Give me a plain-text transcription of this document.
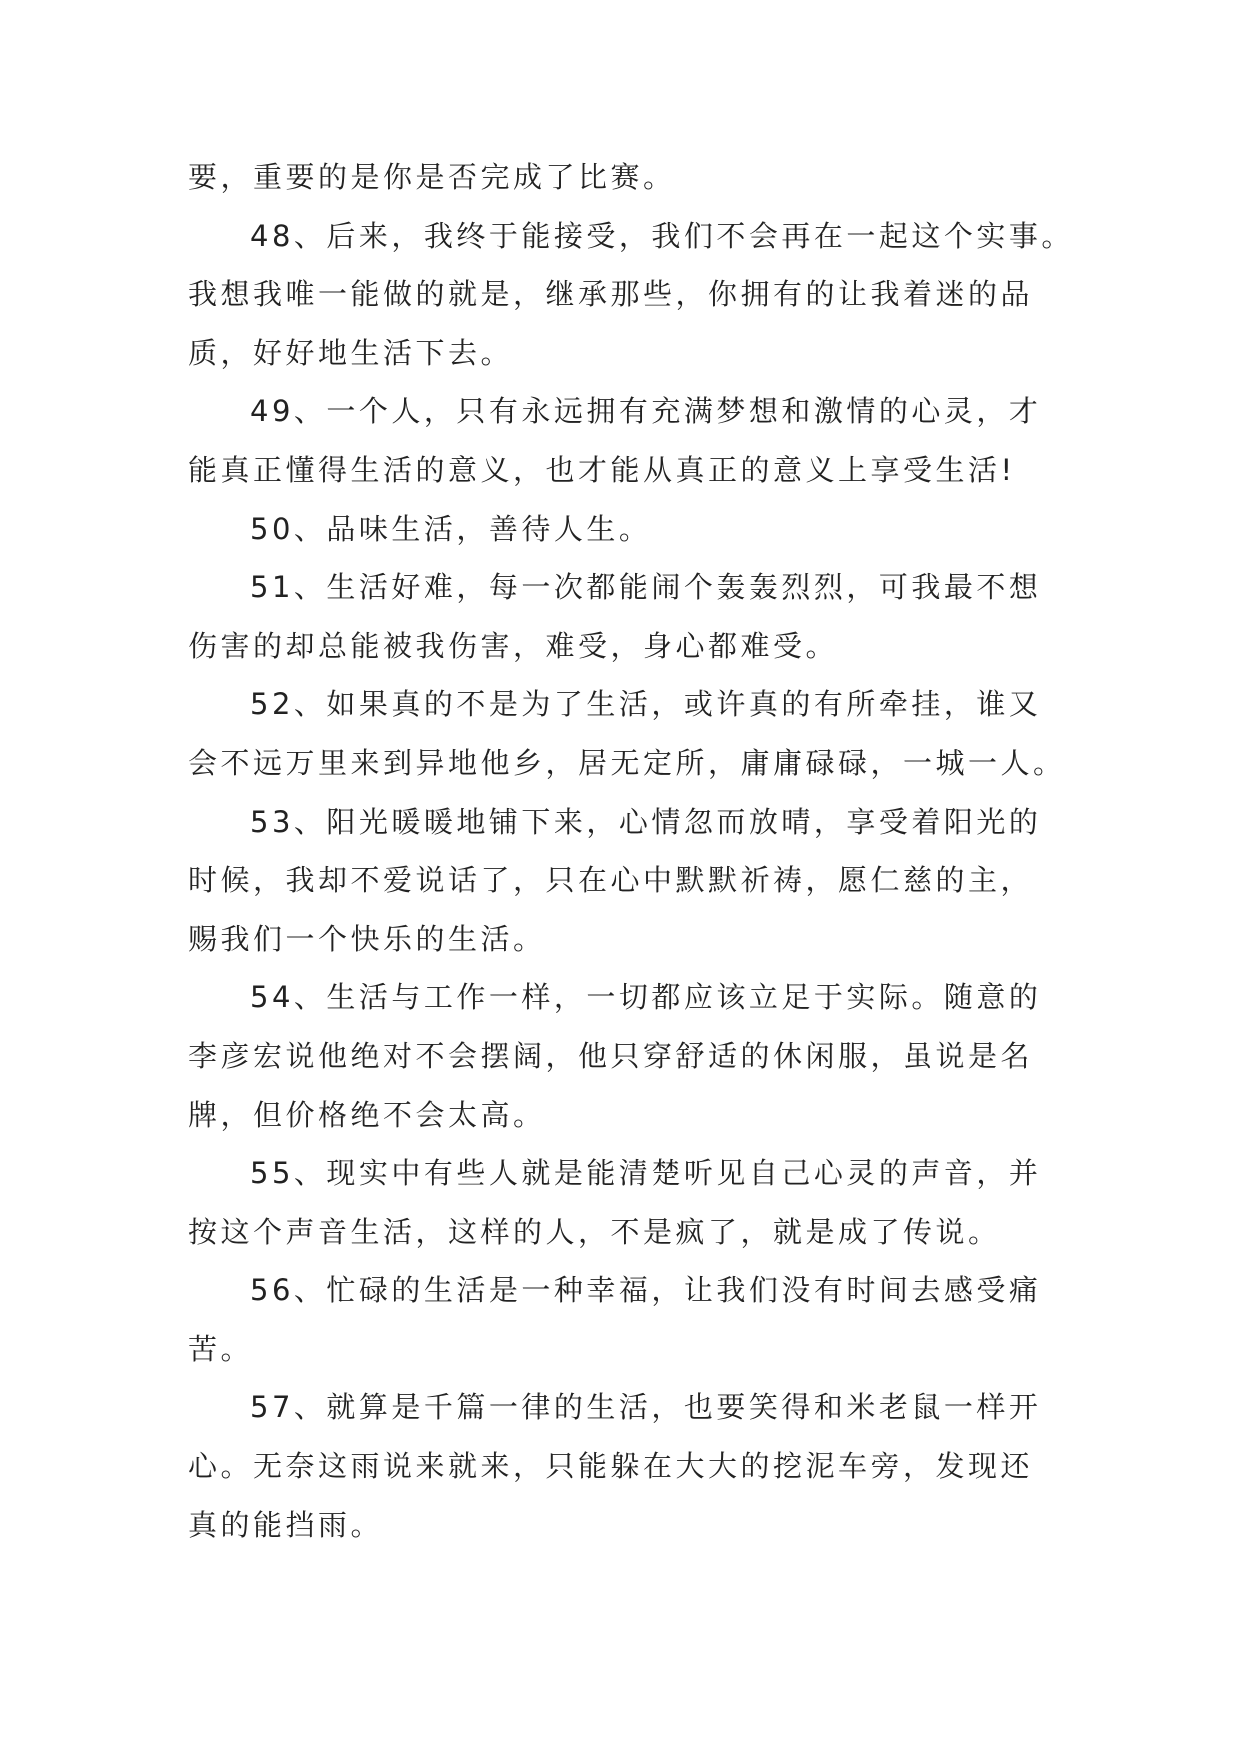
要，重要的是你是否完成了比赛。
48、后来，我终于能接受，我们不会再在一起这个实事。
我想我唯一能做的就是，继承那些，你拥有的让我着迷的品
质，好好地生活下去。
49、一个人，只有永远拥有充满梦想和激情的心灵，才
能真正懂得生活的意义，也才能从真正的意义上享受生活!
50、品味生活，善待人生。
51、生活好难，每一次都能闹个轰轰烈烈，可我最不想
伤害的却总能被我伤害，难受，身心都难受。
52、如果真的不是为了生活，或许真的有所牵挂，谁又
会不远万里来到异地他乡，居无定所，庸庸碌碌，一城一人。
53、阳光暖暖地铺下来，心情忽而放晴，享受着阳光的
时候，我却不爱说话了，只在心中默默祈祷，愿仁慈的主，
赐我们一个快乐的生活。
54、生活与工作一样，一切都应该立足于实际。随意的
李彦宏说他绝对不会摆阔，他只穿舒适的休闲服，虽说是名
牌，但价格绝不会太高。
55、现实中有些人就是能清楚听见自己心灵的声音，并
按这个声音生活，这样的人，不是疯了，就是成了传说。
56、忙碌的生活是一种幸福，让我们没有时间去感受痛
苦。
57、就算是千篇一律的生活，也要笑得和米老鼠一样开
心。无奈这雨说来就来，只能躲在大大的挖泥车旁，发现还
真的能挡雨。
